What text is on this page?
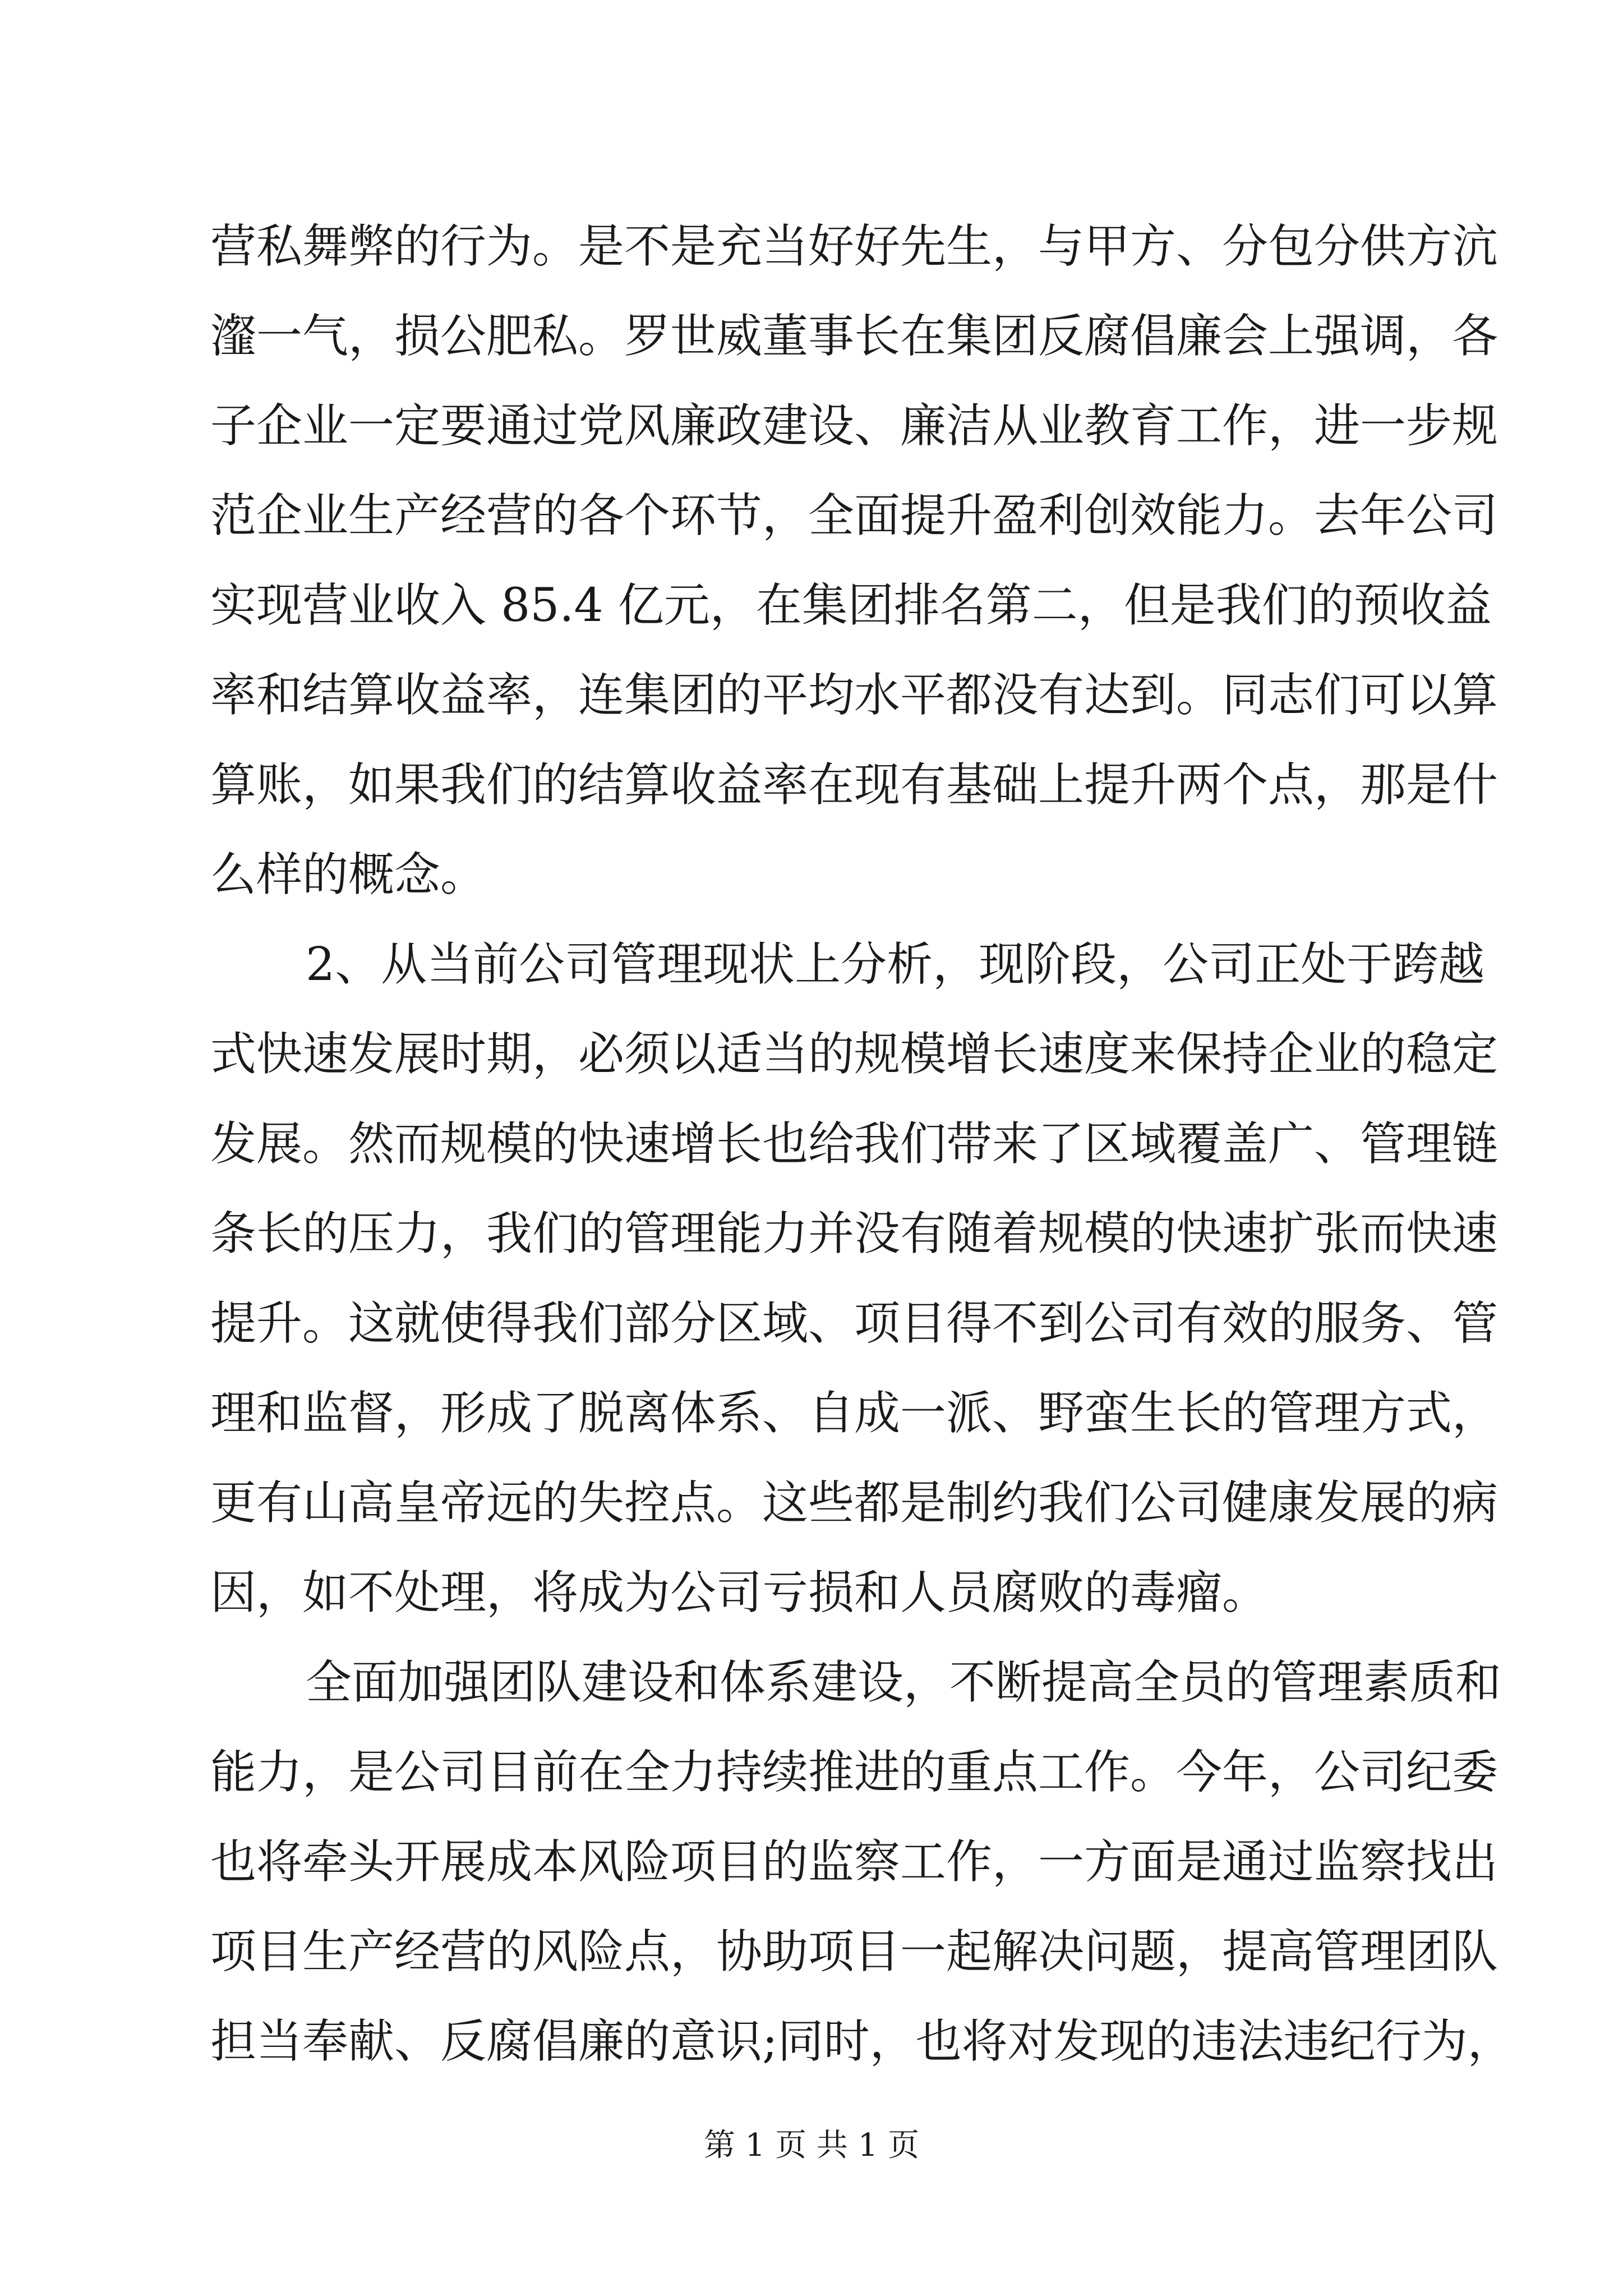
营私舞弊的行为。是不是充当好好先生，与甲方、分包分供方沆
瀣一气，损公肥私。罗世威董事长在集团反腐倡廉会上强调，各
子企业一定要通过党风廉政建设、廉洁从业教育工作，进一步规
范企业生产经营的各个环节，全面提升盈利创效能力。去年公司
实现营业收入 85.4 亿元，在集团排名第二，但是我们的预收益
率和结算收益率，连集团的平均水平都没有达到。同志们可以算
算账，如果我们的结算收益率在现有基础上提升两个点，那是什
么样的概念。
2、从当前公司管理现状上分析，现阶段，公司正处于跨越
式快速发展时期，必须以适当的规模增长速度来保持企业的稳定
发展。然而规模的快速增长也给我们带来了区域覆盖广、管理链
条长的压力，我们的管理能力并没有随着规模的快速扩张而快速
提升。这就使得我们部分区域、项目得不到公司有效的服务、管
理和监督，形成了脱离体系、自成一派、野蛮生长的管理方式，
更有山高皇帝远的失控点。这些都是制约我们公司健康发展的病
因，如不处理，将成为公司亏损和人员腐败的毒瘤。
全面加强团队建设和体系建设，不断提高全员的管理素质和
能力，是公司目前在全力持续推进的重点工作。今年，公司纪委
也将牵头开展成本风险项目的监察工作，一方面是通过监察找出
项目生产经营的风险点，协助项目一起解决问题，提高管理团队
担当奉献、反腐倡廉的意识;同时，也将对发现的违法违纪行为，
第 1 页 共 1 页
